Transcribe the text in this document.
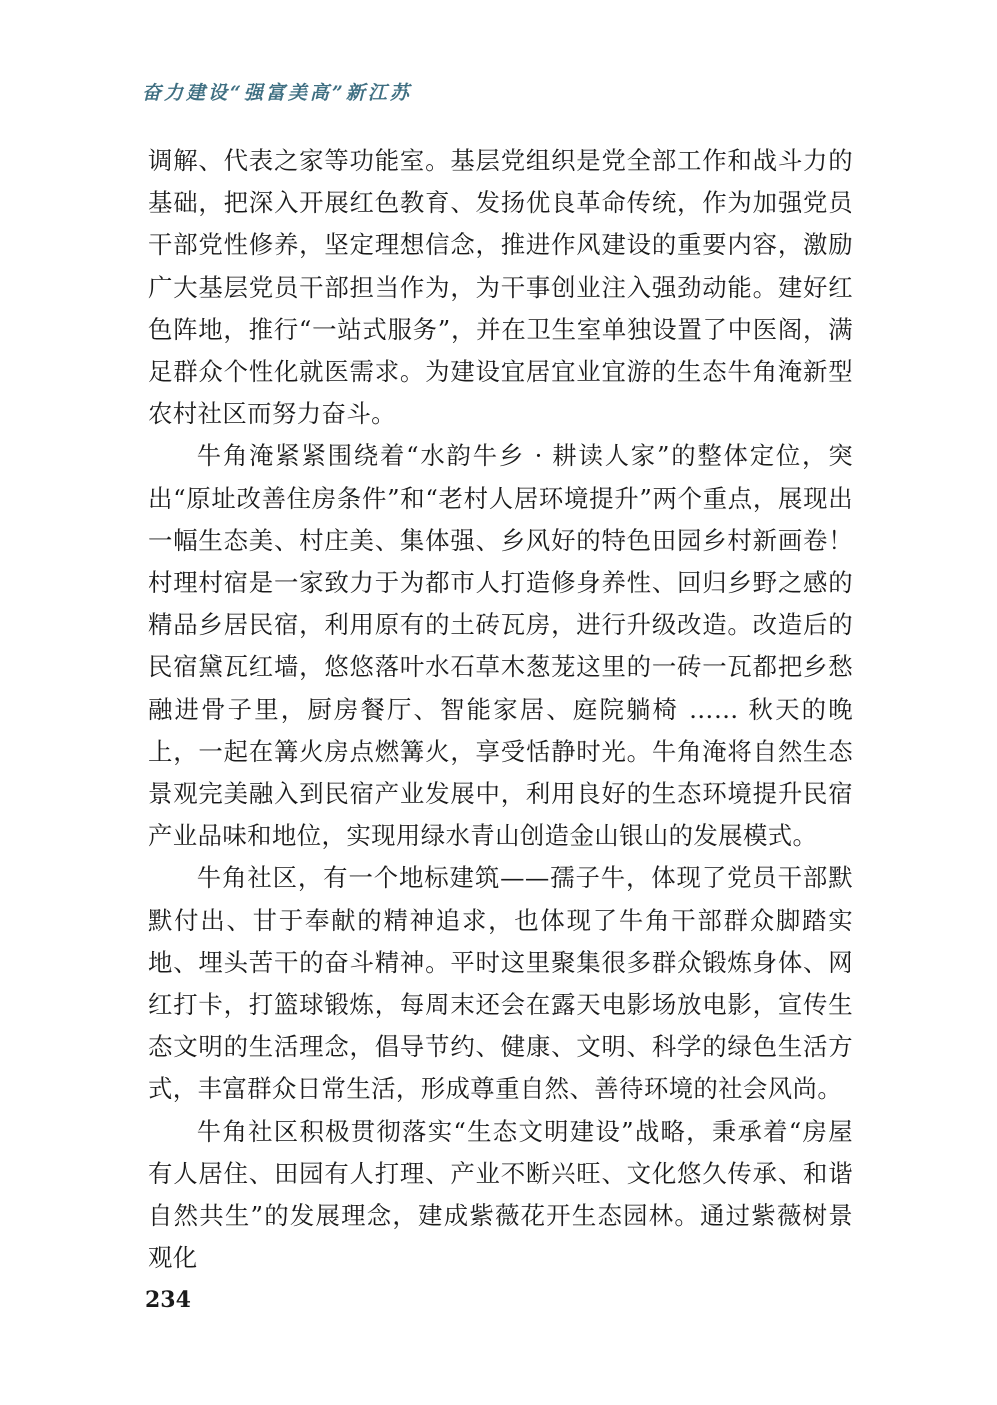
奋力建设“强富美高”新江苏

调解、代表之家等功能室。基层党组织是党全部工作和战斗力的基础，把深入开展红色教育、发扬优良革命传统，作为加强党员干部党性修养，坚定理想信念，推进作风建设的重要内容，激励广大基层党员干部担当作为，为干事创业注入强劲动能。建好红色阵地，推行“一站式服务”，并在卫生室单独设置了中医阁，满足群众个性化就医需求。为建设宜居宜业宜游的生态牛角淹新型农村社区而努力奋斗。

牛角淹紧紧围绕着“水韵牛乡 · 耕读人家”的整体定位，突出“原址改善住房条件”和“老村人居环境提升”两个重点，展现出一幅生态美、村庄美、集体强、乡风好的特色田园乡村新画卷！村理村宿是一家致力于为都市人打造修身养性、回归乡野之感的精品乡居民宿，利用原有的土砖瓦房，进行升级改造。改造后的民宿黛瓦红墙，悠悠落叶水石草木葱茏这里的一砖一瓦都把乡愁融进骨子里，厨房餐厅、智能家居、庭院躺椅 …… 秋天的晚上，一起在篝火房点燃篝火，享受恬静时光。牛角淹将自然生态景观完美融入到民宿产业发展中，利用良好的生态环境提升民宿产业品味和地位，实现用绿水青山创造金山银山的发展模式。

牛角社区，有一个地标建筑——孺子牛，体现了党员干部默默付出、甘于奉献的精神追求，也体现了牛角干部群众脚踏实地、埋头苦干的奋斗精神。平时这里聚集很多群众锻炼身体、网红打卡，打篮球锻炼，每周末还会在露天电影场放电影，宣传生态文明的生活理念，倡导节约、健康、文明、科学的绿色生活方式，丰富群众日常生活，形成尊重自然、善待环境的社会风尚。

牛角社区积极贯彻落实“生态文明建设”战略，秉承着“房屋有人居住、田园有人打理、产业不断兴旺、文化悠久传承、和谐自然共生”的发展理念，建成紫薇花开生态园林。通过紫薇树景观化

234
